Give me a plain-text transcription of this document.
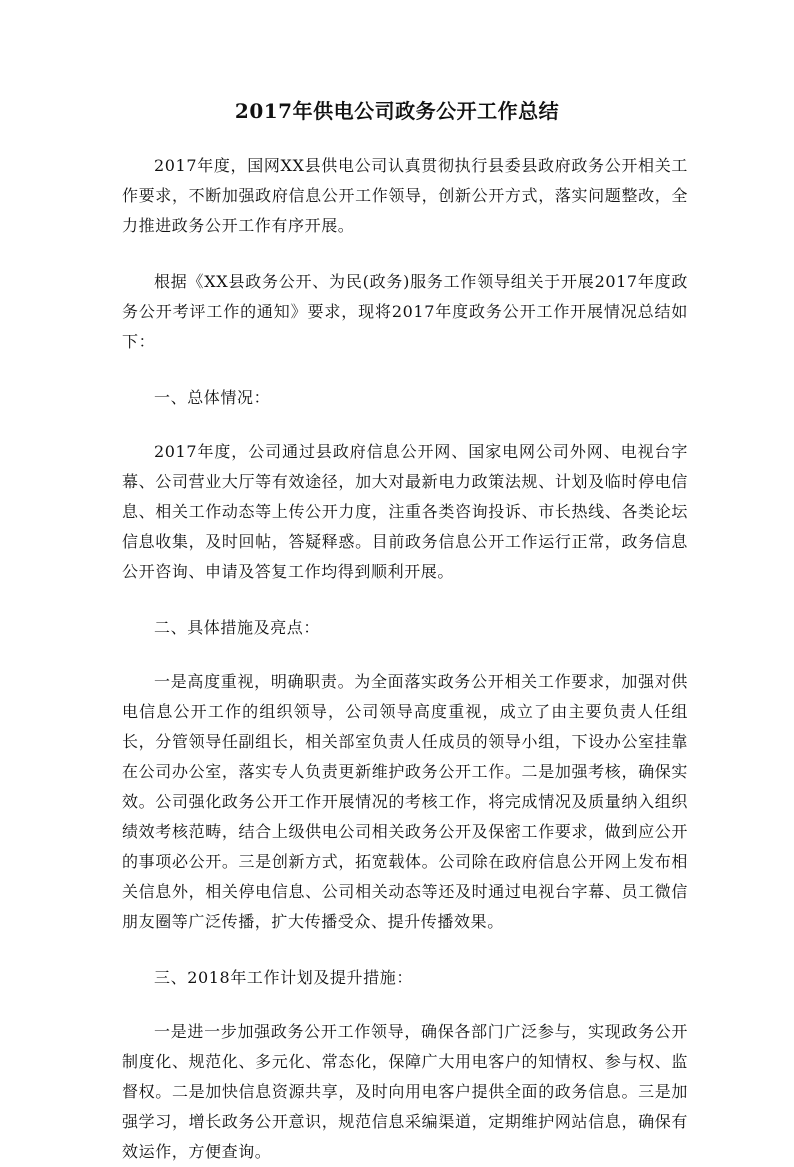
2017年供电公司政务公开工作总结

2017年度，国网XX县供电公司认真贯彻执行县委县政府政务公开相关工作要求，不断加强政府信息公开工作领导，创新公开方式，落实问题整改，全力推进政务公开工作有序开展。

根据《XX县政务公开、为民(政务)服务工作领导组关于开展2017年度政务公开考评工作的通知》要求，现将2017年度政务公开工作开展情况总结如下：

一、总体情况：

2017年度，公司通过县政府信息公开网、国家电网公司外网、电视台字幕、公司营业大厅等有效途径，加大对最新电力政策法规、计划及临时停电信息、相关工作动态等上传公开力度，注重各类咨询投诉、市长热线、各类论坛信息收集，及时回帖，答疑释惑。目前政务信息公开工作运行正常，政务信息公开咨询、申请及答复工作均得到顺利开展。

二、具体措施及亮点：

一是高度重视，明确职责。为全面落实政务公开相关工作要求，加强对供电信息公开工作的组织领导，公司领导高度重视，成立了由主要负责人任组长，分管领导任副组长，相关部室负责人任成员的领导小组，下设办公室挂靠在公司办公室，落实专人负责更新维护政务公开工作。二是加强考核，确保实效。公司强化政务公开工作开展情况的考核工作，将完成情况及质量纳入组织绩效考核范畴，结合上级供电公司相关政务公开及保密工作要求，做到应公开的事项必公开。三是创新方式，拓宽载体。公司除在政府信息公开网上发布相关信息外，相关停电信息、公司相关动态等还及时通过电视台字幕、员工微信朋友圈等广泛传播，扩大传播受众、提升传播效果。

三、2018年工作计划及提升措施：

一是进一步加强政务公开工作领导，确保各部门广泛参与，实现政务公开制度化、规范化、多元化、常态化，保障广大用电客户的知情权、参与权、监督权。二是加快信息资源共享，及时向用电客户提供全面的政务信息。三是加强学习，增长政务公开意识，规范信息采编渠道，定期维护网站信息，确保有效运作，方便查询。
